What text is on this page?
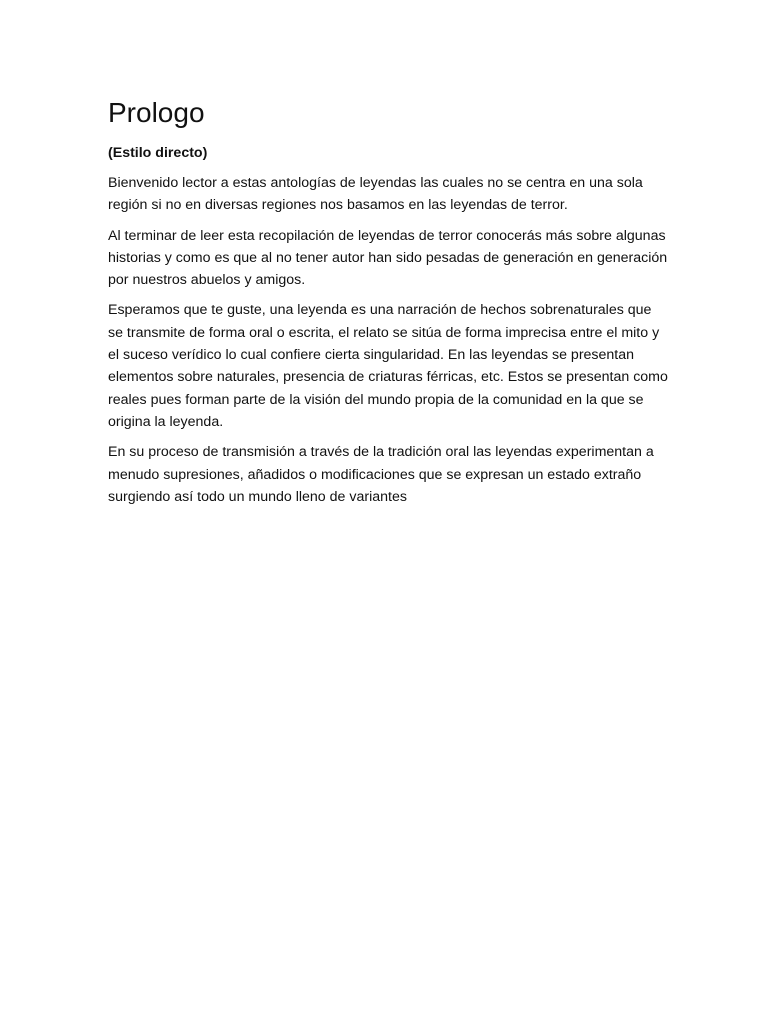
Prologo
(Estilo directo)

Bienvenido lector a estas antologías de leyendas las cuales no se centra en una sola región si no en diversas regiones nos basamos en las leyendas de terror.

Al terminar de leer esta recopilación de leyendas de terror conocerás más sobre algunas historias y como es que al no tener autor han sido pesadas de generación en generación por nuestros abuelos y amigos.

Esperamos que te guste, una leyenda es una narración de hechos sobrenaturales que se transmite de forma oral o escrita, el relato se sitúa de forma imprecisa entre el mito y el suceso verídico lo cual confiere cierta singularidad. En las leyendas se presentan elementos sobre naturales, presencia de criaturas férricas, etc. Estos se presentan como reales pues forman parte de la visión del mundo propia de la comunidad en la que se origina la leyenda.

En su proceso de transmisión a través de la tradición oral las leyendas experimentan a menudo supresiones, añadidos o modificaciones que se expresan un estado extraño surgiendo así todo un mundo lleno de variantes
